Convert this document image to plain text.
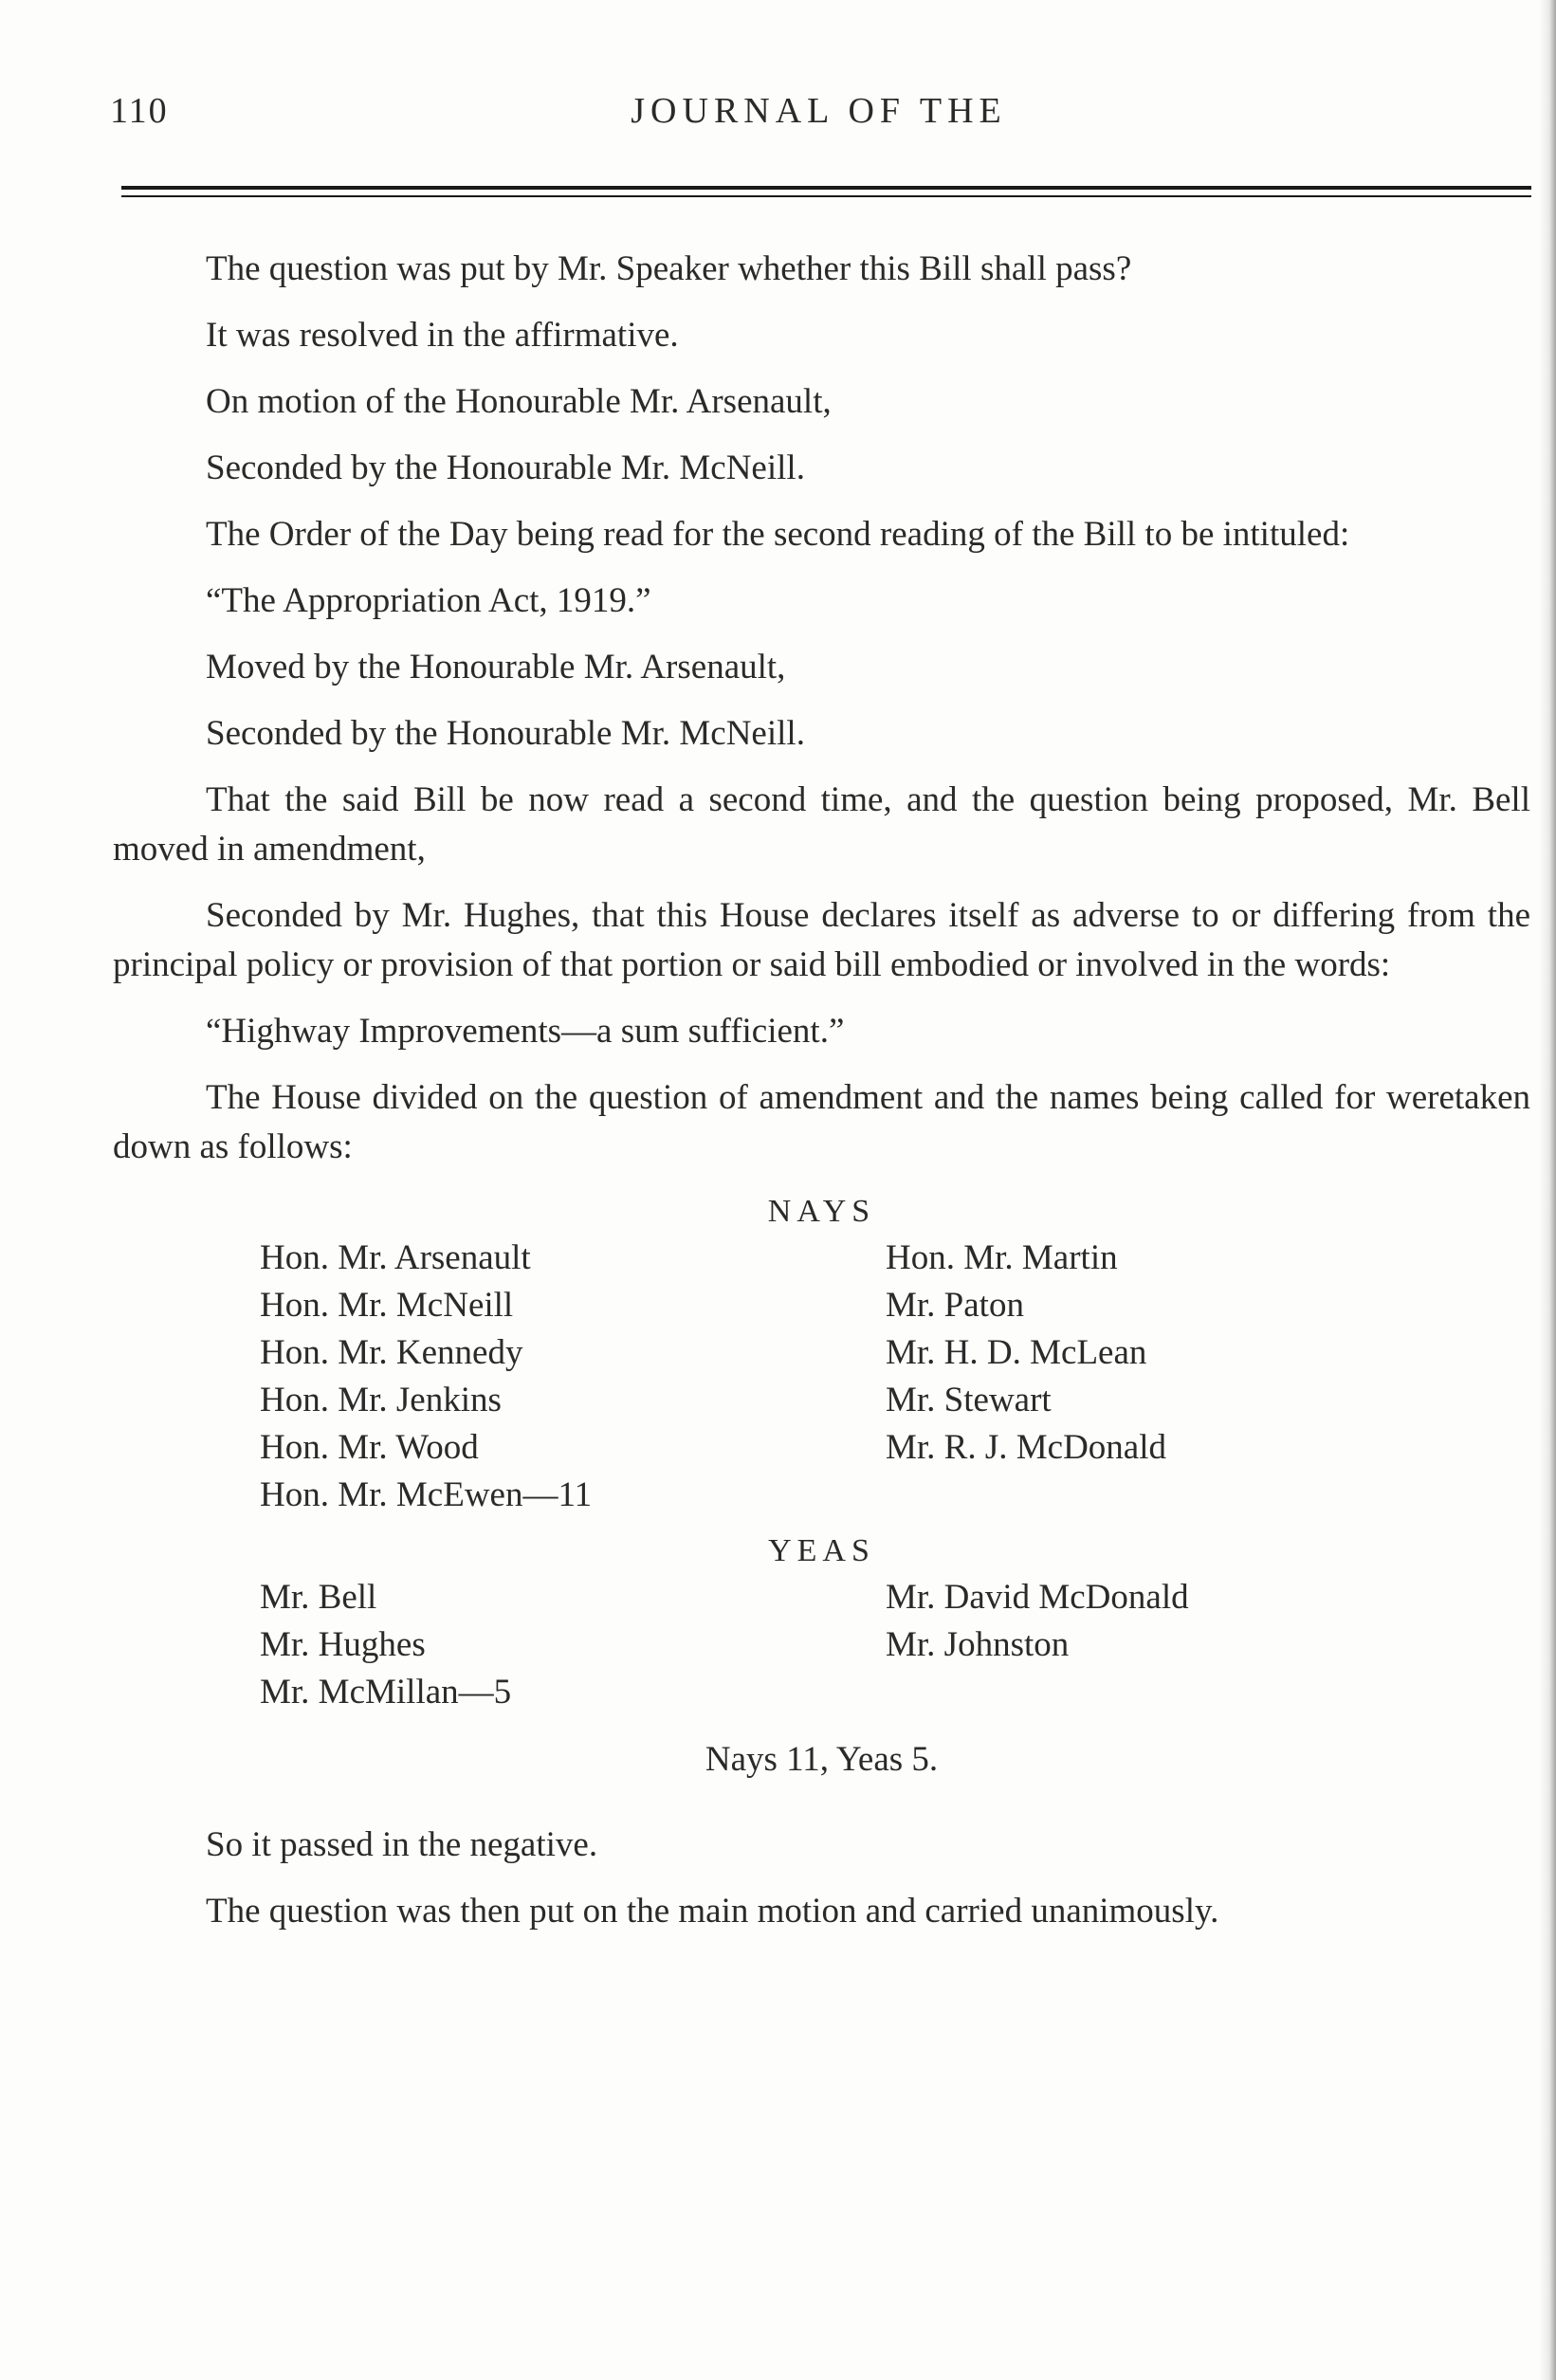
110	JOURNAL OF THE

The question was put by Mr. Speaker whether this Bill shall pass?

It was resolved in the affirmative.

On motion of the Honourable Mr. Arsenault,

Seconded by the Honourable Mr. McNeill.

The Order of the Day being read for the second reading of the Bill to be intituled:

“The Appropriation Act, 1919.”

Moved by the Honourable Mr. Arsenault,

Seconded by the Honourable Mr. McNeill.

That the said Bill be now read a second time, and the question being proposed, Mr. Bell moved in amendment,

Seconded by Mr. Hughes, that this House declares itself as adverse to or differing from the principal policy or provision of that portion or said bill embodied or involved in the words:

“Highway Improvements—a sum sufficient.”

The House divided on the question of amendment and the names being called for weretaken down as follows:

NAYS
Hon. Mr. Arsenault
Hon. Mr. McNeill
Hon. Mr. Kennedy
Hon. Mr. Jenkins
Hon. Mr. Wood
Hon. Mr. McEwen—11
Hon. Mr. Martin
Mr. Paton
Mr. H. D. McLean
Mr. Stewart
Mr. R. J. McDonald
YEAS
Mr. Bell
Mr. Hughes
Mr. McMillan—5
Mr. David McDonald
Mr. Johnston
Nays 11, Yeas 5.

So it passed in the negative.

The question was then put on the main motion and carried unanimously.
